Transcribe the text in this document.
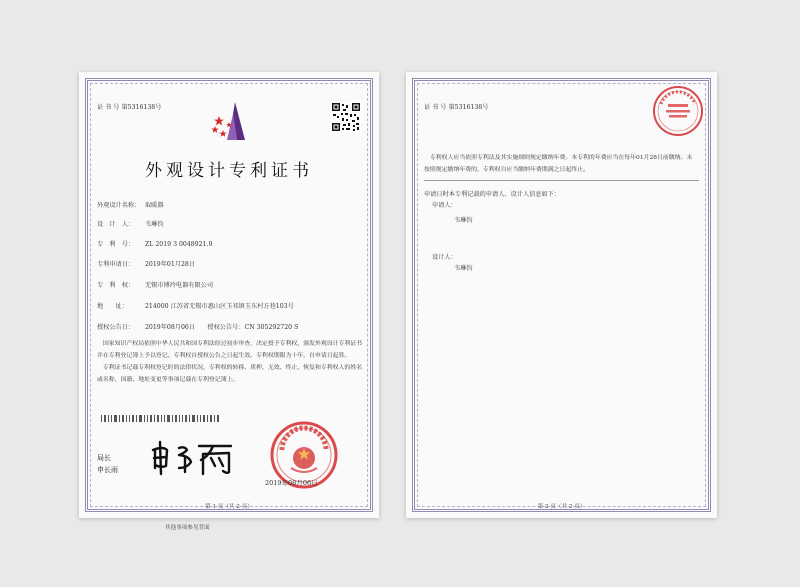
证 书 号 第5316138号
外观设计专利证书
外观设计名称： 取暖器
设　计　人： 韦琳钧
专　利　号： ZL 2019 3 0048921.9
专利申请日： 2019年01月28日
专　利　权： 无锡市博玲电器有限公司
地　　址：	214000 江苏省无锡市惠山区玉祁镇玉东村方巷103号
授权公告日： 2019年08月06日　　授权公告号：CN 305292720 S

国家知识产权局依照中华人民共和国专利法经过初步审查，决定授予专利权，颁发外观设计专利证书并在专利登记簿上予以登记。专利权自授权公告之日起生效。专利权期限为十年，自申请日起算。

专利证书记载专利权登记时的法律状况。专利权的转移、质押、无效、终止、恢复和专利权人的姓名或名称、国籍、地址变更等事项记载在专利登记簿上。

局长
申长雨
2019年08月06日
第 1 页（共 2 页）
其他事项参见背面
证 书 号 第5316138号

专利权人应当依照专利法及其实施细则规定缴纳年费。本专利的年费应当在每年01月28日前缴纳。未按照规定缴纳年费的，专利权自应当缴纳年费期满之日起终止。

申请日时本专利记载的申请人、设计人信息如下：
申请人：
韦琳钧
设计人：
韦琳钧
第 2 页（共 2 页）
